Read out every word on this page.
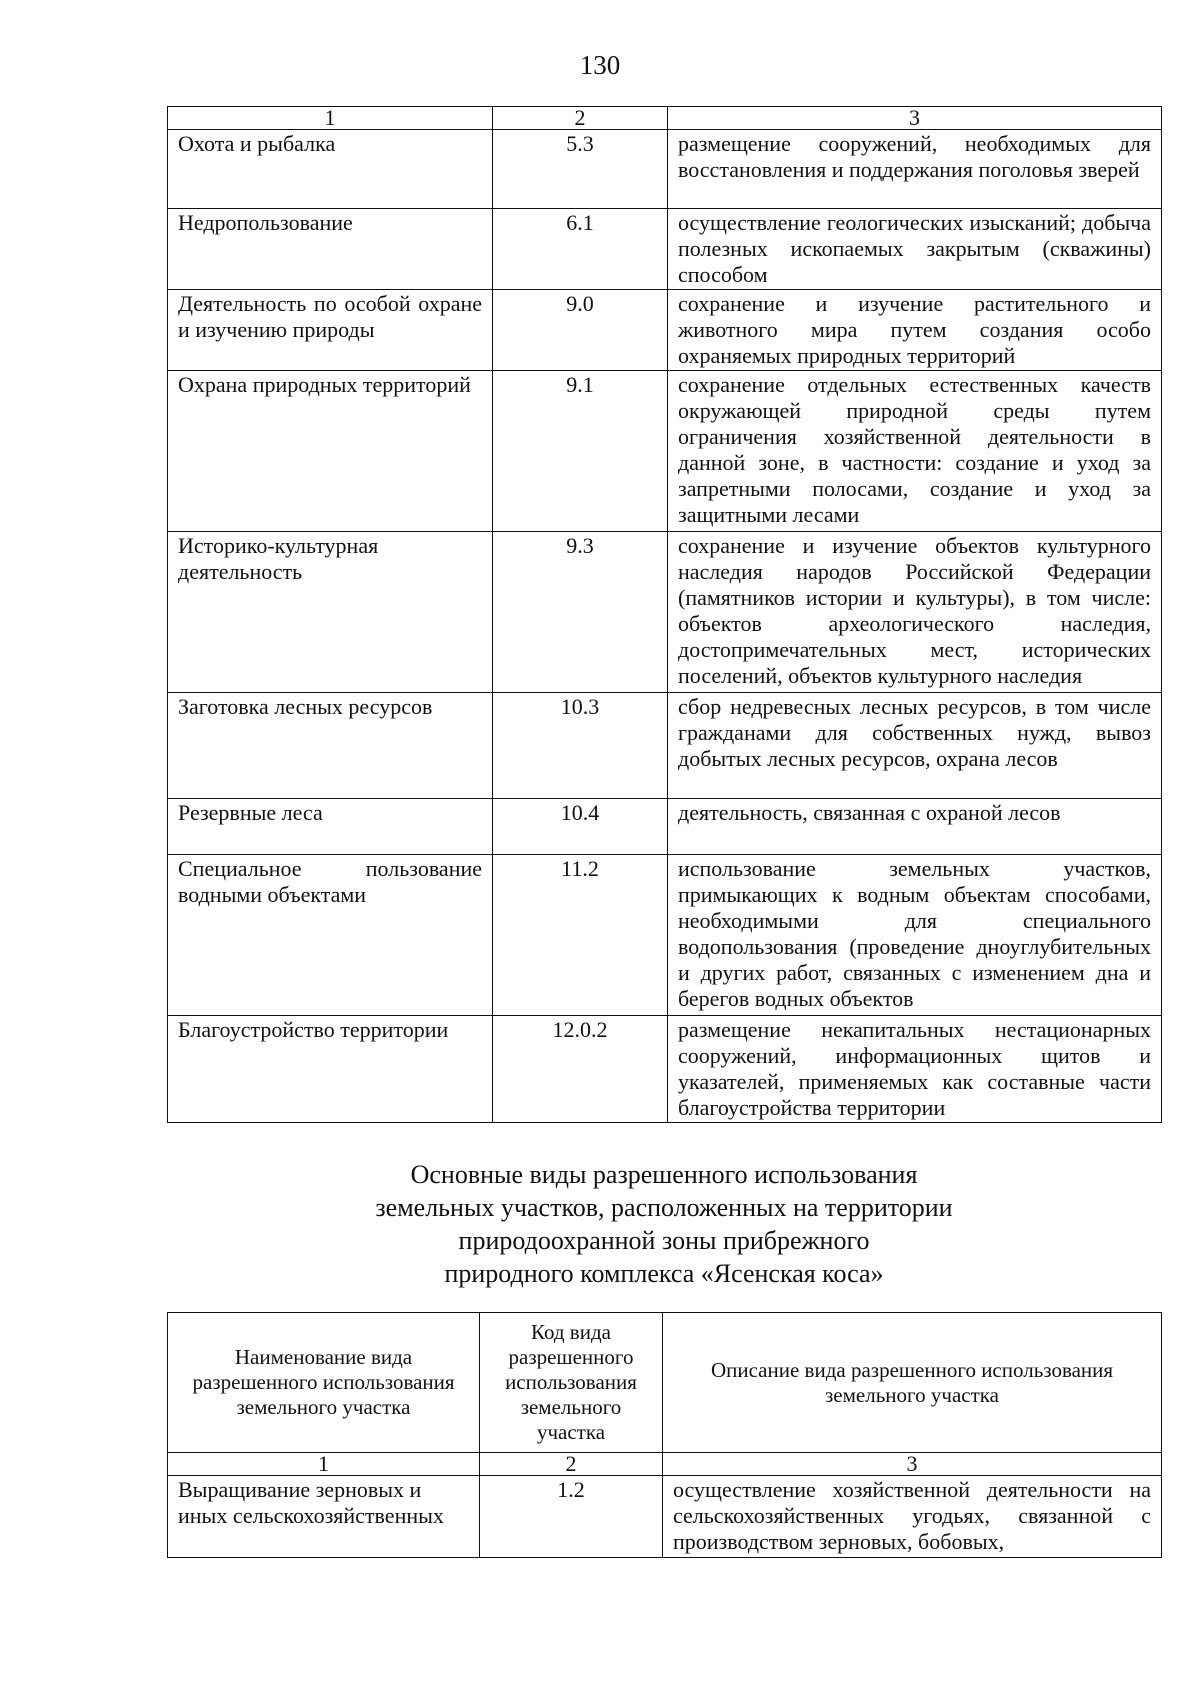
130
1	2	3
Охота и рыбалка	5.3	размещение сооружений, необходимых для восстановления и поддержания поголовья зверей
Недропользование	6.1	осуществление геологических изысканий; добыча полезных ископаемых закрытым (скважины) способом
Деятельность по особой охране и изучению природы	9.0	сохранение и изучение растительного и животного мира путем создания особо охраняемых природных территорий
Охрана природных территорий	9.1	сохранение отдельных естественных качеств окружающей природной среды путем ограничения хозяйственной деятельности в данной зоне, в частности: создание и уход за запретными полосами, создание и уход за защитными лесами
Историко-культурная деятельность	9.3	сохранение и изучение объектов культурного наследия народов Российской Федерации (памятников истории и культуры), в том числе: объектов археологического наследия, достопримечательных мест, исторических поселений, объектов культурного наследия
Заготовка лесных ресурсов	10.3	сбор недревесных лесных ресурсов, в том числе гражданами для собственных нужд, вывоз добытых лесных ресурсов, охрана лесов
Резервные леса	10.4	деятельность, связанная с охраной лесов
Специальное пользование водными объектами	11.2	использование земельных участков, примыкающих к водным объектам способами, необходимыми для специального водопользования (проведение дноуглубительных и других работ, связанных с изменением дна и берегов водных объектов
Благоустройство территории	12.0.2	размещение некапитальных нестационарных сооружений, информационных щитов и указателей, применяемых как составные части благоустройства территории
Основные виды разрешенного использования
земельных участков, расположенных на территории
природоохранной зоны прибрежного
природного комплекса «Ясенская коса»
Наименование вида разрешенного использования земельного участка	Код вида разрешенного использования земельного участка	Описание вида разрешенного использования земельного участка
1	2	3
Выращивание зерновых и иных сельскохозяйственных	1.2	осуществление хозяйственной деятельности на сельскохозяйственных угодьях, связанной с производством зерновых, бобовых,
